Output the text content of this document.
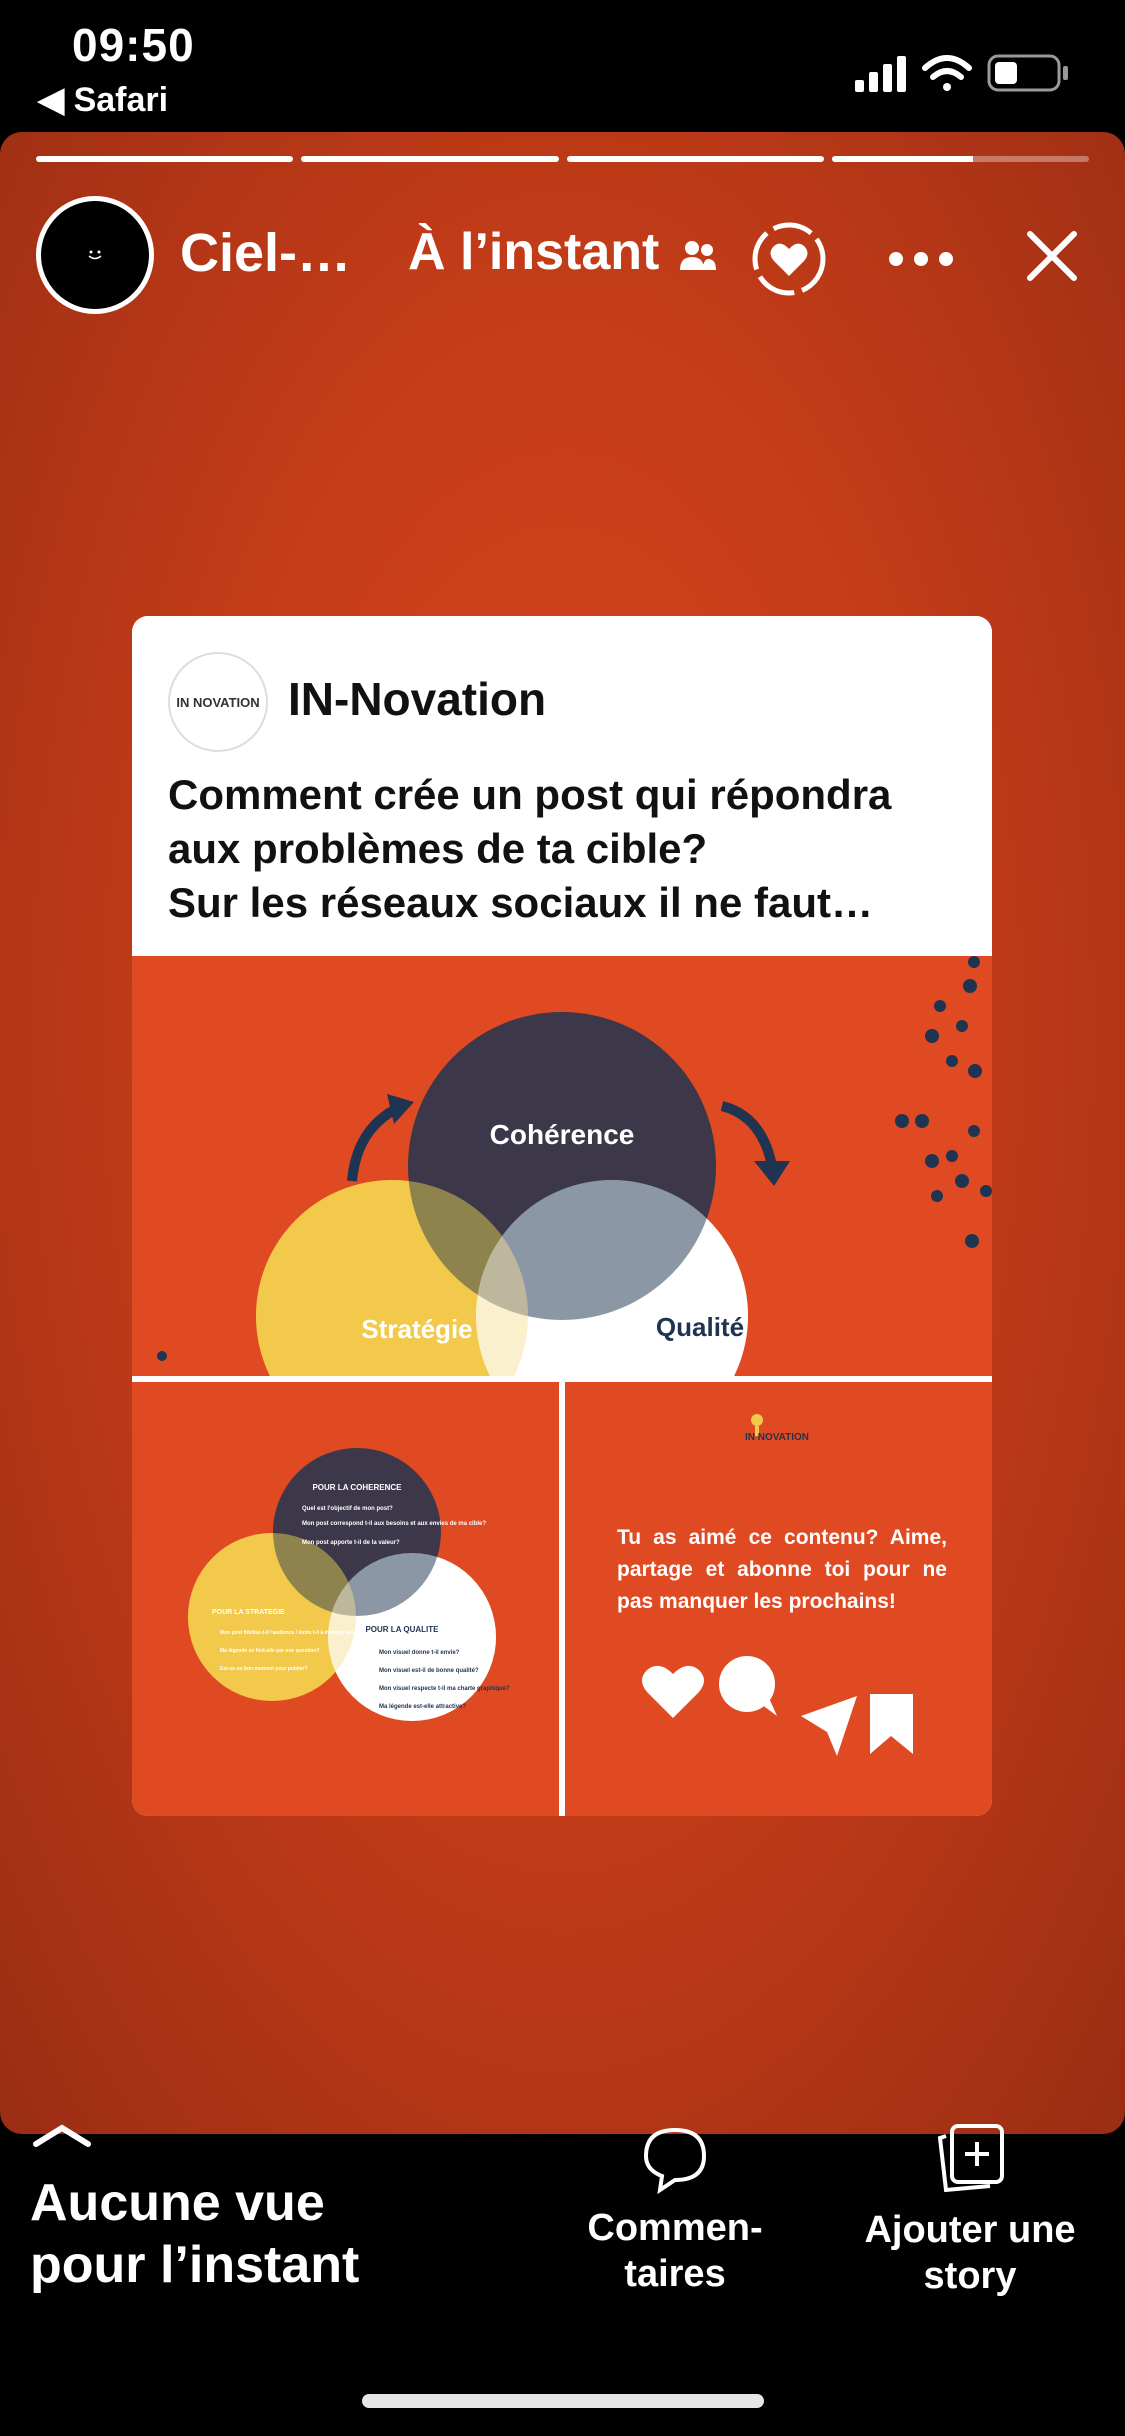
09:50
◀ Safari
Ciel-… À l’instant
IN NOVATION IN-Novation
Comment crée un post qui répondra
aux problèmes de ta cible?
Sur les réseaux sociaux il ne faut…
Cohérence
Stratégie	Qualité
POUR LA COHERENCE
Quel est l'objectif de mon post?
Mon post correspond t-il aux besoins et aux envies de ma cible?
Mon post apporte t-il de la valeur?
POUR LA STRATEGIE
Mon post fidélise-t-il l'audience / incite t-il à interagir avec moi ?
Ma légende se finit-elle par une question?
Est-ce un bon moment pour publier?
POUR LA QUALITE
Mon visuel donne t-il envie?
Mon visuel est-il de bonne qualité?
Mon visuel respecte t-il ma charte graphique?
Ma légende est-elle attractive?
IN NOVATION
Tu as aimé ce contenu? Aime, partage et abonne toi pour ne pas manquer les prochains!
Aucune vue
pour l’instant
Commen-
taires
Ajouter une
story
